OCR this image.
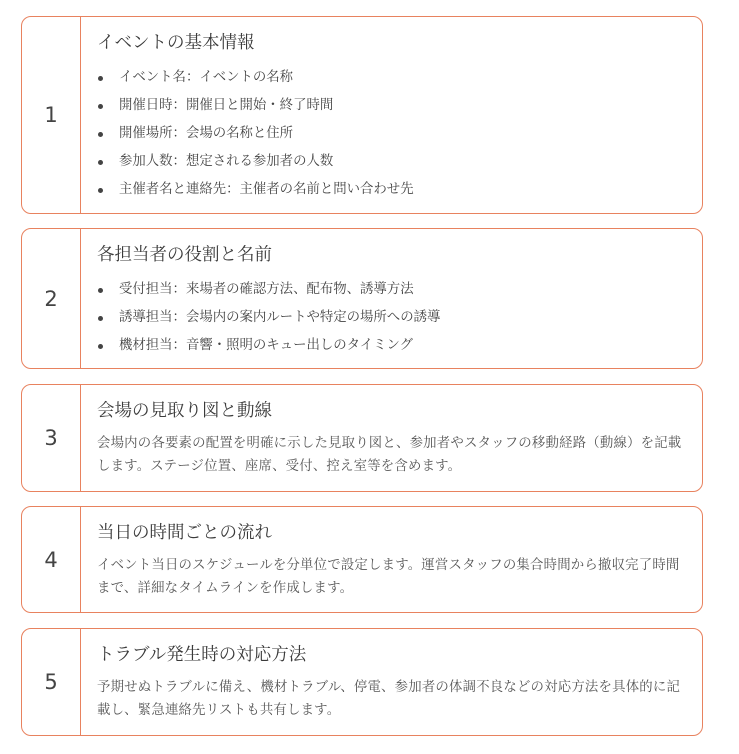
1
イベントの基本情報
イベント名：イベントの名称
開催日時：開催日と開始・終了時間
開催場所：会場の名称と住所
参加人数：想定される参加者の人数
主催者名と連絡先：主催者の名前と問い合わせ先
2
各担当者の役割と名前
受付担当：来場者の確認方法、配布物、誘導方法
誘導担当：会場内の案内ルートや特定の場所への誘導
機材担当：音響・照明のキュー出しのタイミング
3
会場の見取り図と動線

会場内の各要素の配置を明確に示した見取り図と、参加者やスタッフの移動経路（動線）を記載します。ステージ位置、座席、受付、控え室等を含めます。

4
当日の時間ごとの流れ

イベント当日のスケジュールを分単位で設定します。運営スタッフの集合時間から撤収完了時間まで、詳細なタイムラインを作成します。

5
トラブル発生時の対応方法

予期せぬトラブルに備え、機材トラブル、停電、参加者の体調不良などの対応方法を具体的に記載し、緊急連絡先リストも共有します。
